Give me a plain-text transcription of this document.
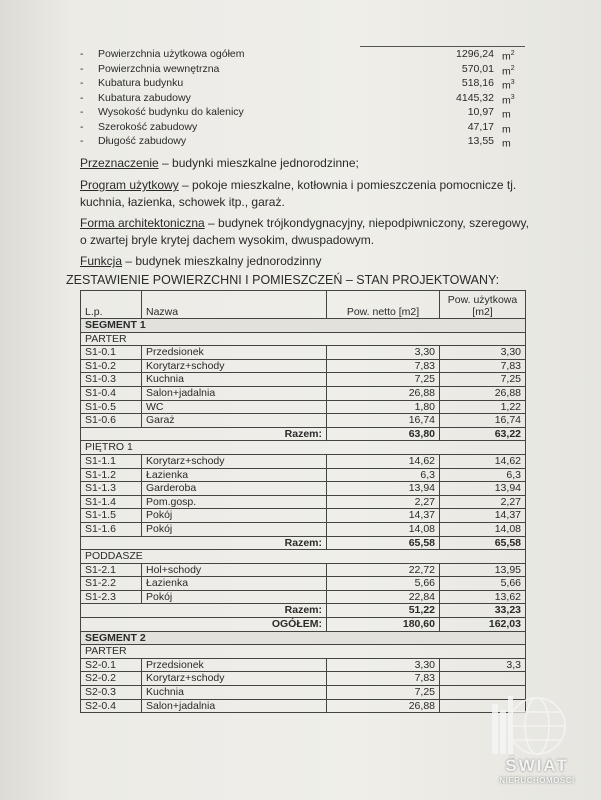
-	Powierzchnia użytkowa ogółem	1296,24 $m^2$
-	Powierzchnia wewnętrzna	570,01 $m^2$
-	Kubatura budynku	518,16 $m^3$
-	Kubatura zabudowy	4145,32 $m^3$
-	Wysokość budynku do kalenicy	10,97 m
-	Szerokość zabudowy	47,17 m
-	Długość zabudowy	13,55 m
Przeznaczenie – budynki mieszkalne jednorodzinne;
Program użytkowy – pokoje mieszkalne, kotłownia i pomieszczenia pomocnicze tj. kuchnia, łazienka, schowek itp., garaż.
Forma architektoniczna – budynek trójkondygnacyjny, niepodpiwniczony, szeregowy, o zwartej bryle krytej dachem wysokim, dwuspadowym.
Funkcja – budynek mieszkalny jednorodzinny
ZESTAWIENIE POWIERZCHNI I POMIESZCZEŃ – STAN PROJEKTOWANY:
L.p.	Nazwa	Pow. netto [m2]	Pow. użytkowa
[m2]
SEGMENT 1			
PARTER			
S1-0.1	Przedsionek	3,30	3,30
S1-0.2	Korytarz+schody	7,83	7,83
S1-0.3	Kuchnia	7,25	7,25
S1-0.4	Salon+jadalnia	26,88	26,88
S1-0.5	WC	1,80	1,22
S1-0.6	Garaż	16,74	16,74
Razem:		63,80	63,22
PIĘTRO 1			
S1-1.1	Korytarz+schody	14,62	14,62
S1-1.2	Łazienka	6,3	6,3
S1-1.3	Garderoba	13,94	13,94
S1-1.4	Pom.gosp.	2,27	2,27
S1-1.5	Pokój	14,37	14,37
S1-1.6	Pokój	14,08	14,08
Razem:		65,58	65,58
PODDASZE			
S1-2.1	Hol+schody	22,72	13,95
S1-2.2	Łazienka	5,66	5,66
S1-2.3	Pokój	22,84	13,62
Razem:		51,22	33,23
OGÓŁEM:		180,60	162,03
SEGMENT 2			
PARTER			
S2-0.1	Przedsionek	3,30	3,3
S2-0.2	Korytarz+schody	7,83	
S2-0.3	Kuchnia	7,25	
S2-0.4	Salon+jadalnia	26,88	
ŚWIAT
NIERUCHOMOŚCI
